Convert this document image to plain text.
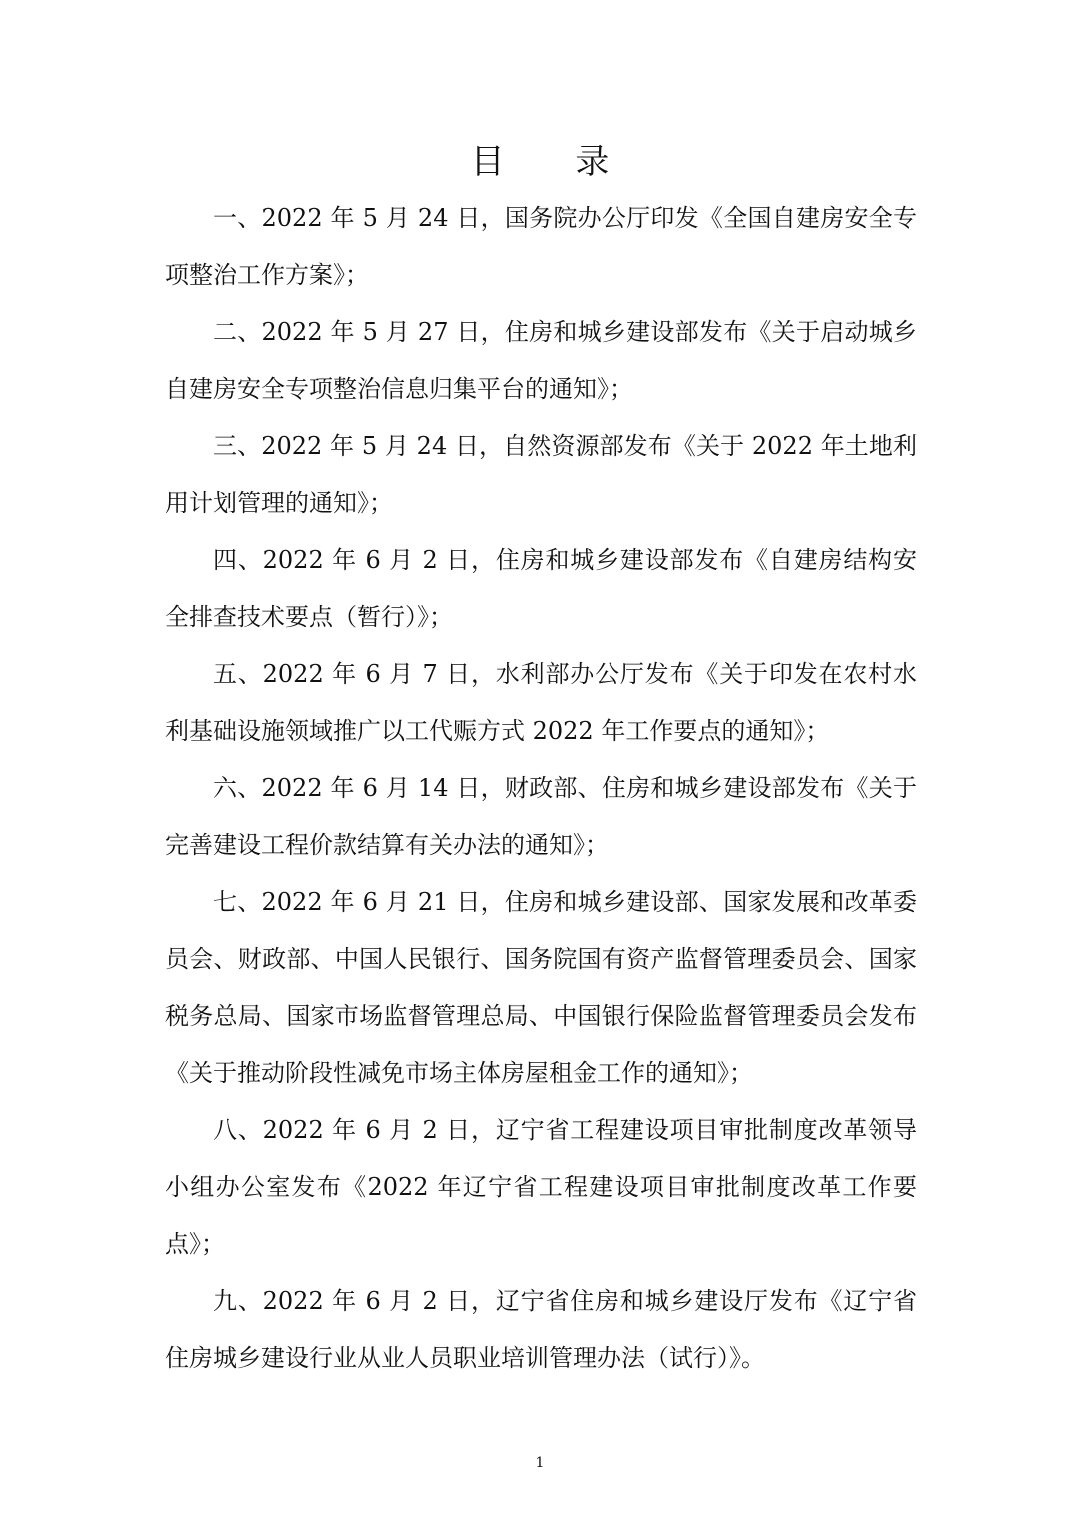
目 录

一、2022 年 5 月 24 日，国务院办公厅印发《全国自建房安全专项整治工作方案》；

二、2022 年 5 月 27 日，住房和城乡建设部发布《关于启动城乡自建房安全专项整治信息归集平台的通知》；

三、2022 年 5 月 24 日，自然资源部发布《关于 2022 年土地利用计划管理的通知》；

四、2022 年 6 月 2 日，住房和城乡建设部发布《自建房结构安全排查技术要点（暂行）》；

五、2022 年 6 月 7 日，水利部办公厅发布《关于印发在农村水利基础设施领域推广以工代赈方式 2022 年工作要点的通知》；

六、2022 年 6 月 14 日，财政部、住房和城乡建设部发布《关于完善建设工程价款结算有关办法的通知》；

七、2022 年 6 月 21 日，住房和城乡建设部、国家发展和改革委员会、财政部、中国人民银行、国务院国有资产监督管理委员会、国家税务总局、国家市场监督管理总局、中国银行保险监督管理委员会发布《关于推动阶段性减免市场主体房屋租金工作的通知》；

八、2022 年 6 月 2 日，辽宁省工程建设项目审批制度改革领导小组办公室发布《2022 年辽宁省工程建设项目审批制度改革工作要点》；

九、2022 年 6 月 2 日，辽宁省住房和城乡建设厅发布《辽宁省住房城乡建设行业从业人员职业培训管理办法（试行）》。

1
